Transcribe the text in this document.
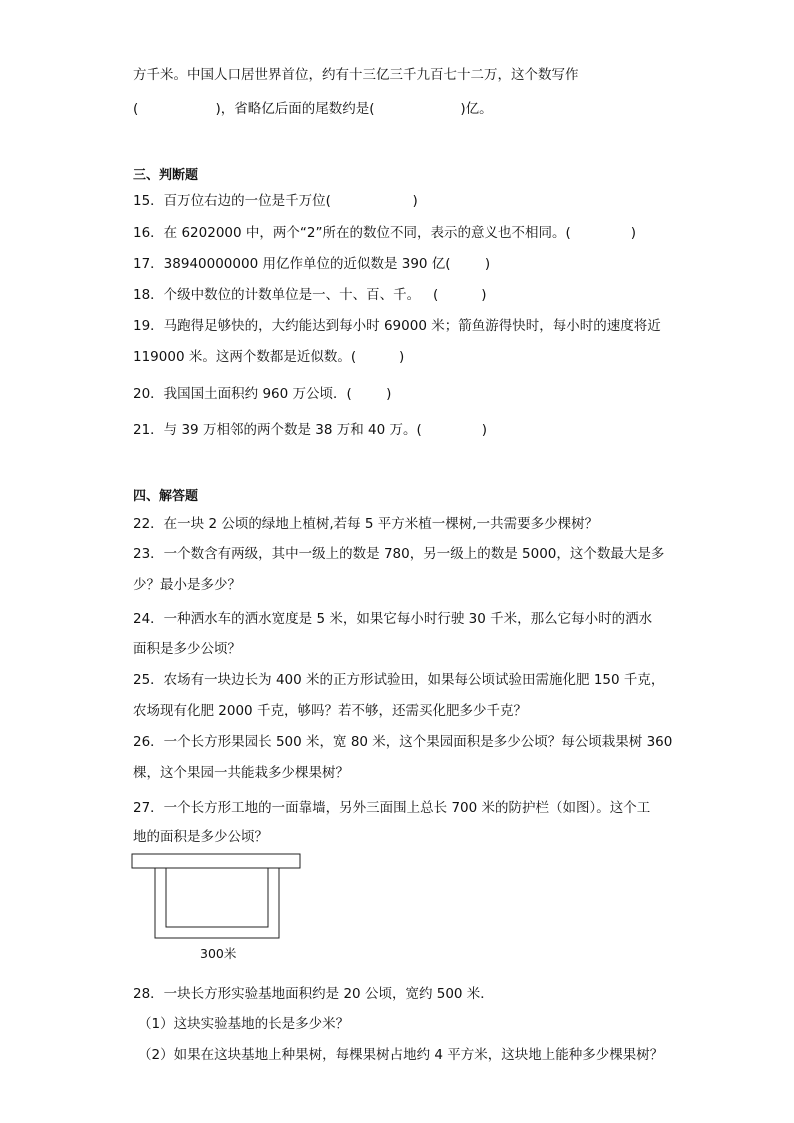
方千米。中国人口居世界首位，约有十三亿三千九百七十二万，这个数写作
(                  )，省略亿后面的尾数约是(                    )亿。
三、判断题
15．百万位右边的一位是千万位(                   )
16．在 6202000 中，两个“2”所在的数位不同，表示的意义也不相同。(              )
17．38940000000 用亿作单位的近似数是 390 亿(        )
18．个级中数位的计数单位是一、十、百、千。   (          )
19．马跑得足够快的，大约能达到每小时 69000 米；箭鱼游得快时，每小时的速度将近
119000 米。这两个数都是近似数。(          )
20．我国国土面积约 960 万公顷．(        )
21．与 39 万相邻的两个数是 38 万和 40 万。(              )
四、解答题
22．在一块 2 公顷的绿地上植树,若每 5 平方米植一棵树,一共需要多少棵树？
23．一个数含有两级，其中一级上的数是 780，另一级上的数是 5000，这个数最大是多
少？最小是多少？
24．一种洒水车的洒水宽度是 5 米，如果它每小时行驶 30 千米，那么它每小时的洒水
面积是多少公顷？
25．农场有一块边长为 400 米的正方形试验田，如果每公顷试验田需施化肥 150 千克，
农场现有化肥 2000 千克，够吗？若不够，还需买化肥多少千克？
26．一个长方形果园长 500 米，宽 80 米，这个果园面积是多少公顷？每公顷栽果树 360
棵，这个果园一共能栽多少棵果树？
27．一个长方形工地的一面靠墙，另外三面围上总长 700 米的防护栏（如图）。这个工
地的面积是多少公顷？
300米
28．一块长方形实验基地面积约是 20 公顷，宽约 500 米．
（1）这块实验基地的长是多少米？
（2）如果在这块基地上种果树，每棵果树占地约 4 平方米，这块地上能种多少棵果树？
